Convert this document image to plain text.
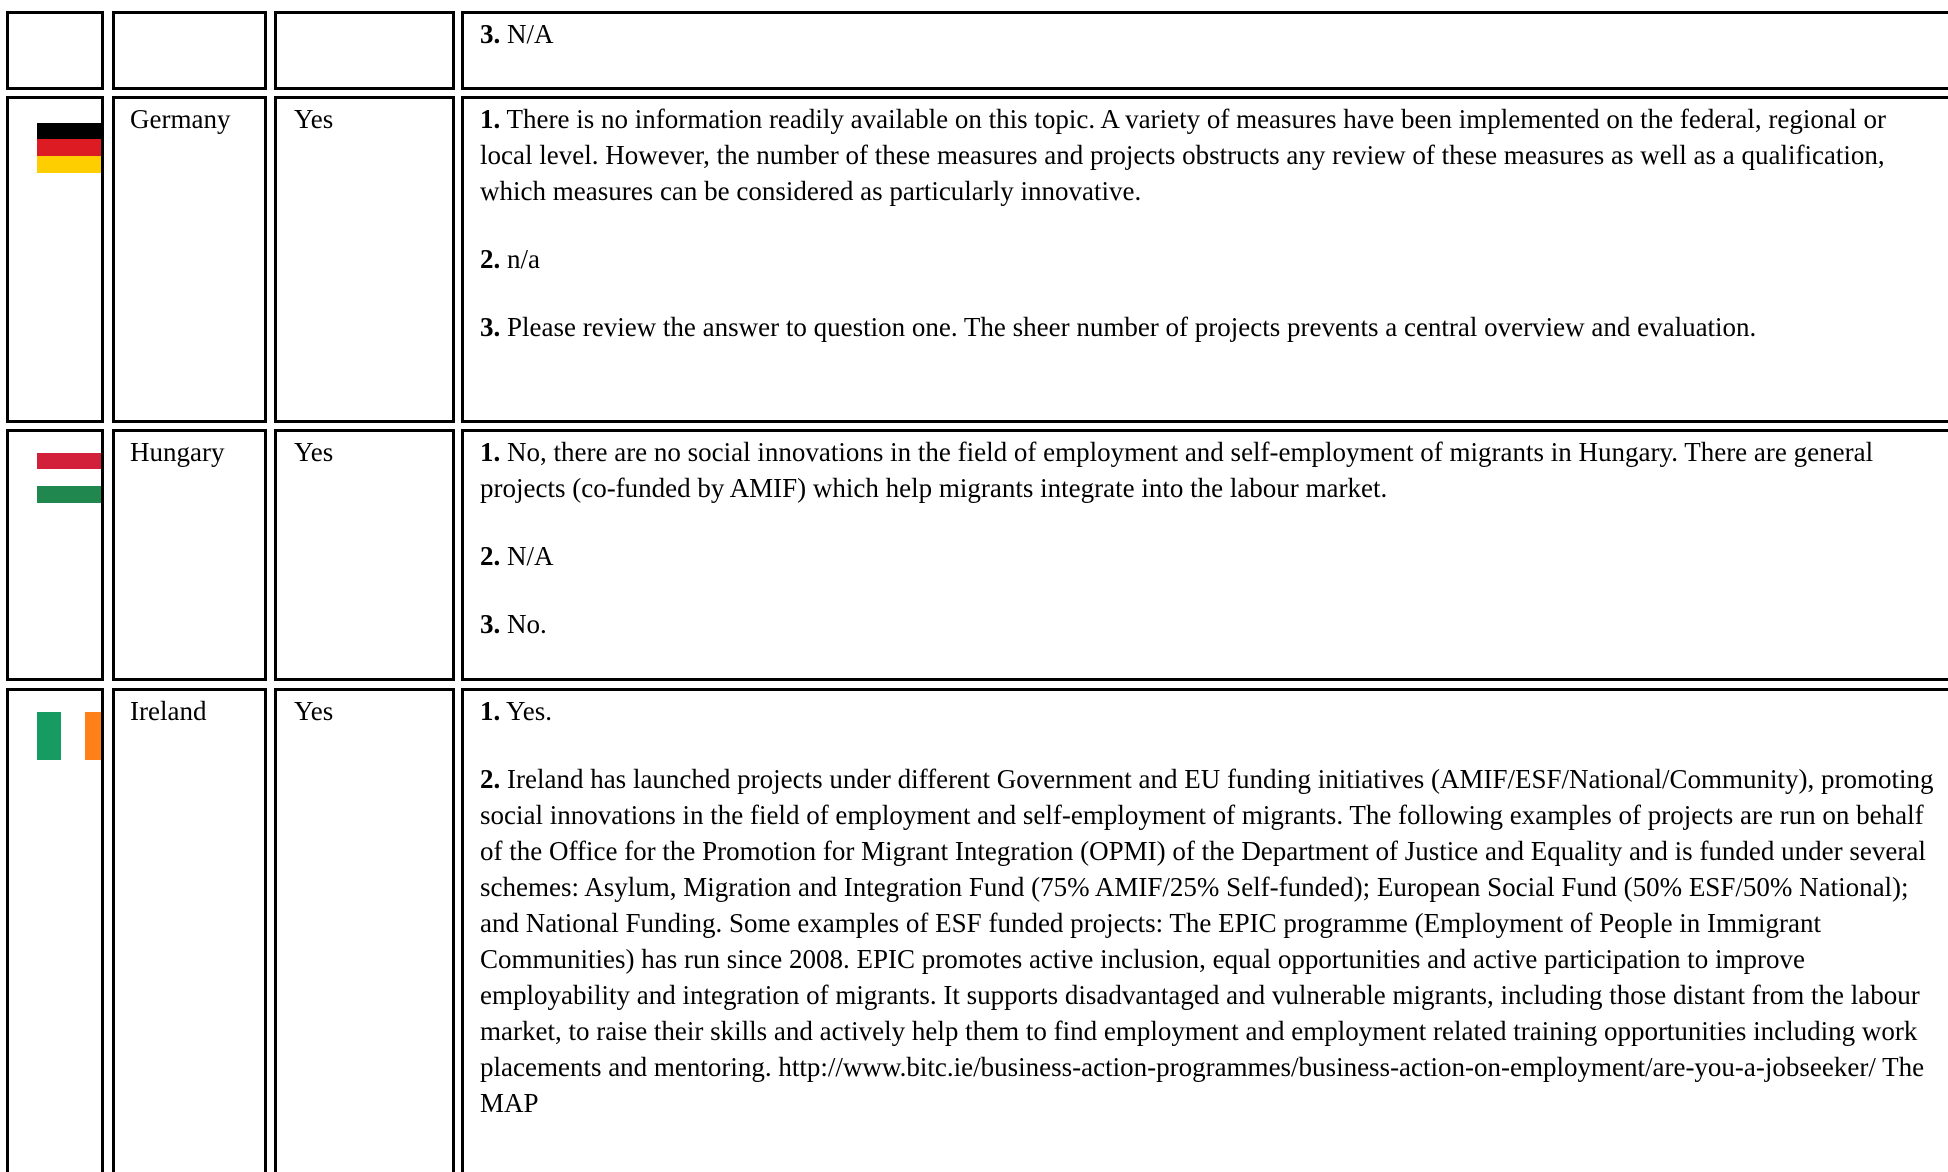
3. N/A

Germany	Yes	1. There is no information readily available on this topic. A variety of measures have been implemented on the federal, regional or local level. However, the number of these measures and projects obstructs any review of these measures as well as a qualification, which measures can be considered as particularly innovative.

2. n/a

3. Please review the answer to question one. The sheer number of projects prevents a central overview and evaluation.

Hungary	Yes	1. No, there are no social innovations in the field of employment and self-employment of migrants in Hungary. There are general projects (co-funded by AMIF) which help migrants integrate into the labour market.

2. N/A

3. No.

Ireland	Yes	1. Yes.

2. Ireland has launched projects under different Government and EU funding initiatives (AMIF/ESF/National/Community), promoting social innovations in the field of employment and self-employment of migrants. The following examples of projects are run on behalf of the Office for the Promotion for Migrant Integration (OPMI) of the Department of Justice and Equality and is funded under several schemes: Asylum, Migration and Integration Fund (75% AMIF/25% Self-funded); European Social Fund (50% ESF/50% National); and National Funding. Some examples of ESF funded projects: The EPIC programme (Employment of People in Immigrant Communities) has run since 2008. EPIC promotes active inclusion, equal opportunities and active participation to improve employability and integration of migrants. It supports disadvantaged and vulnerable migrants, including those distant from the labour market, to raise their skills and actively help them to find employment and employment related training opportunities including work placements and mentoring. http://www.bitc.ie/business-action-programmes/business-action-on-employment/are-you-a-jobseeker/ The MAP
